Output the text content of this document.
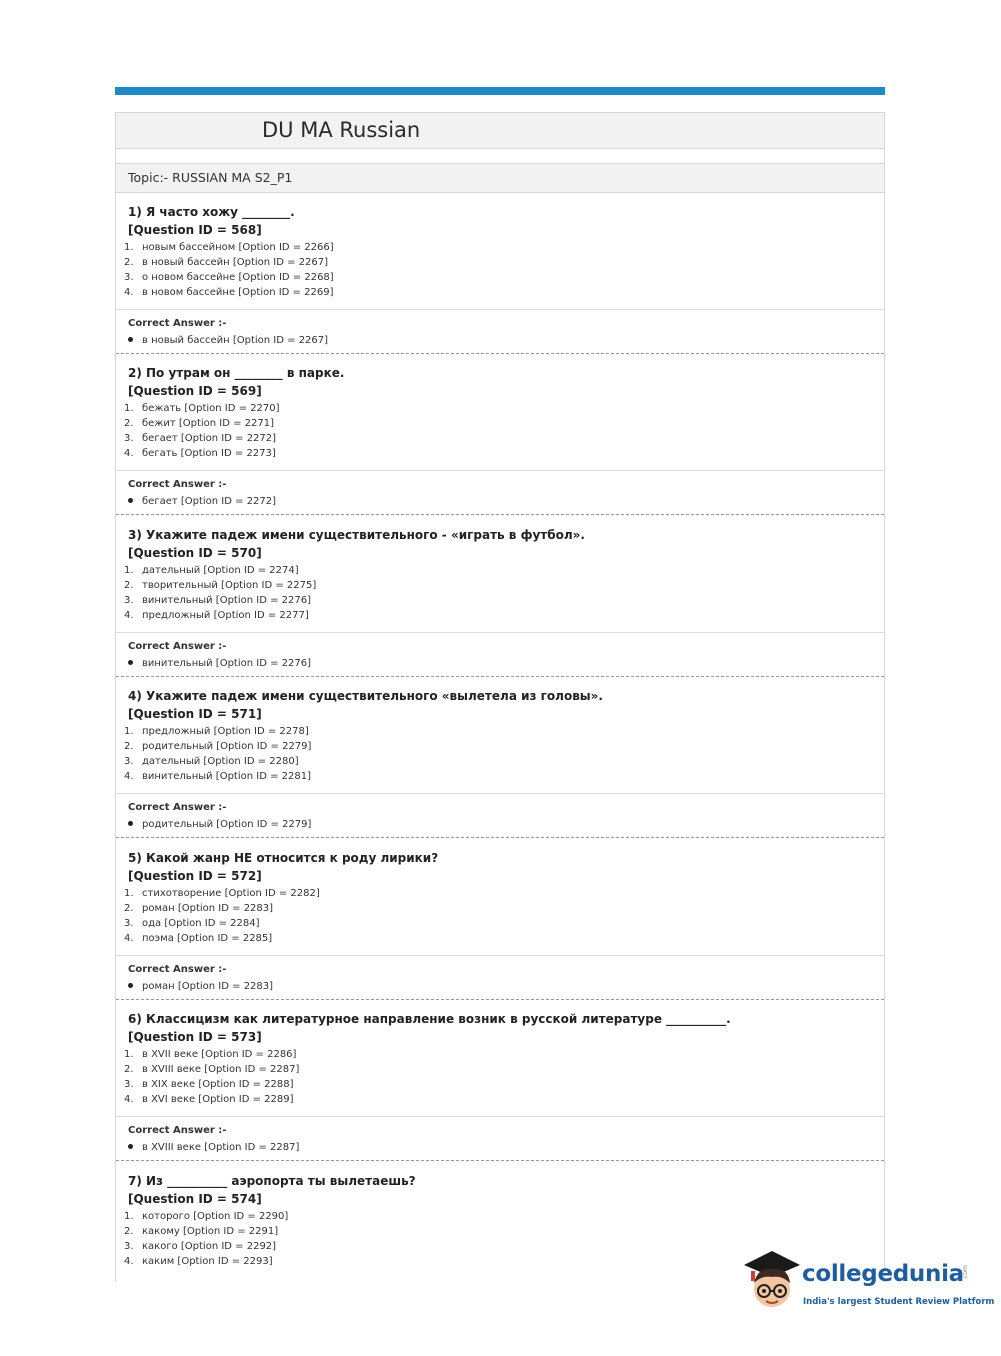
DU MA Russian
Topic:- RUSSIAN MA S2_P1
1) Я часто хожу ________.
[Question ID = 568]
1. новым бассейном [Option ID = 2266]
2. в новый бассейн [Option ID = 2267]
3. о новом бассейне [Option ID = 2268]
4. в новом бассейне [Option ID = 2269]
Correct Answer :-
в новый бассейн [Option ID = 2267]
2) По утрам он ________ в парке.
[Question ID = 569]
1. бежать [Option ID = 2270]
2. бежит [Option ID = 2271]
3. бегает [Option ID = 2272]
4. бегать [Option ID = 2273]
Correct Answer :-
бегает [Option ID = 2272]
3) Укажите падеж имени существительного - «играть в футбол».
[Question ID = 570]
1. дательный [Option ID = 2274]
2. творительный [Option ID = 2275]
3. винительный [Option ID = 2276]
4. предложный [Option ID = 2277]
Correct Answer :-
винительный [Option ID = 2276]
4) Укажите падеж имени существительного «вылетела из головы».
[Question ID = 571]
1. предложный [Option ID = 2278]
2. родительный [Option ID = 2279]
3. дательный [Option ID = 2280]
4. винительный [Option ID = 2281]
Correct Answer :-
родительный [Option ID = 2279]
5) Какой жанр НЕ относится к роду лирики?
[Question ID = 572]
1. стихотворение [Option ID = 2282]
2. роман [Option ID = 2283]
3. ода [Option ID = 2284]
4. поэма [Option ID = 2285]
Correct Answer :-
роман [Option ID = 2283]
6) Классицизм как литературное направление возник в русской литературе __________.
[Question ID = 573]
1. в XVII веке [Option ID = 2286]
2. в XVIII веке [Option ID = 2287]
3. в XIX веке [Option ID = 2288]
4. в XVI веке [Option ID = 2289]
Correct Answer :-
в XVIII веке [Option ID = 2287]
7) Из __________ аэропорта ты вылетаешь?
[Question ID = 574]
1. которого [Option ID = 2290]
2. какому [Option ID = 2291]
3. какого [Option ID = 2292]
4. каким [Option ID = 2293]	collegedunia
.com
India's largest Student Review Platform
